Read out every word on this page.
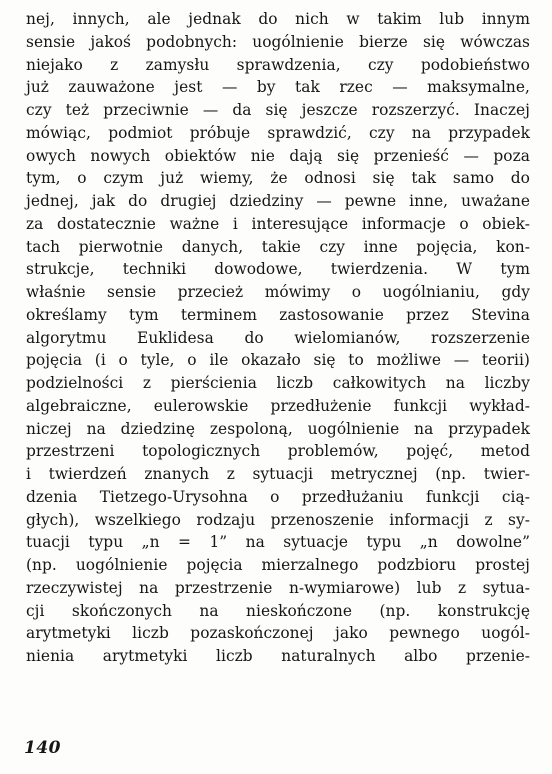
nej, innych, ale jednak do nich w takim lub innym
sensie jakoś podobnych: uogólnienie bierze się wówczas
niejako z zamysłu sprawdzenia, czy podobieństwo
już zauważone jest — by tak rzec — maksymalne,
czy też przeciwnie — da się jeszcze rozszerzyć. Inaczej
mówiąc, podmiot próbuje sprawdzić, czy na przypadek
owych nowych obiektów nie dają się przenieść — poza
tym, o czym już wiemy, że odnosi się tak samo do
jednej, jak do drugiej dziedziny — pewne inne, uważane
za dostatecznie ważne i interesujące informacje o obiek-
tach pierwotnie danych, takie czy inne pojęcia, kon-
strukcje, techniki dowodowe, twierdzenia. W tym
właśnie sensie przecież mówimy o uogólnianiu, gdy
określamy tym terminem zastosowanie przez Stevina
algorytmu Euklidesa do wielomianów, rozszerzenie
pojęcia (i o tyle, o ile okazało się to możliwe — teorii)
podzielności z pierścienia liczb całkowitych na liczby
algebraiczne, eulerowskie przedłużenie funkcji wykład-
niczej na dziedzinę zespoloną, uogólnienie na przypadek
przestrzeni topologicznych problemów, pojęć, metod
i twierdzeń znanych z sytuacji metrycznej (np. twier-
dzenia Tietzego-Urysohna o przedłużaniu funkcji cią-
głych), wszelkiego rodzaju przenoszenie informacji z sy-
tuacji typu „n = 1” na sytuacje typu „n dowolne”
(np. uogólnienie pojęcia mierzalnego podzbioru prostej
rzeczywistej na przestrzenie n-wymiarowe) lub z sytua-
cji skończonych na nieskończone (np. konstrukcję
arytmetyki liczb pozaskończonej jako pewnego uogól-
nienia arytmetyki liczb naturalnych albo przenie-
140
